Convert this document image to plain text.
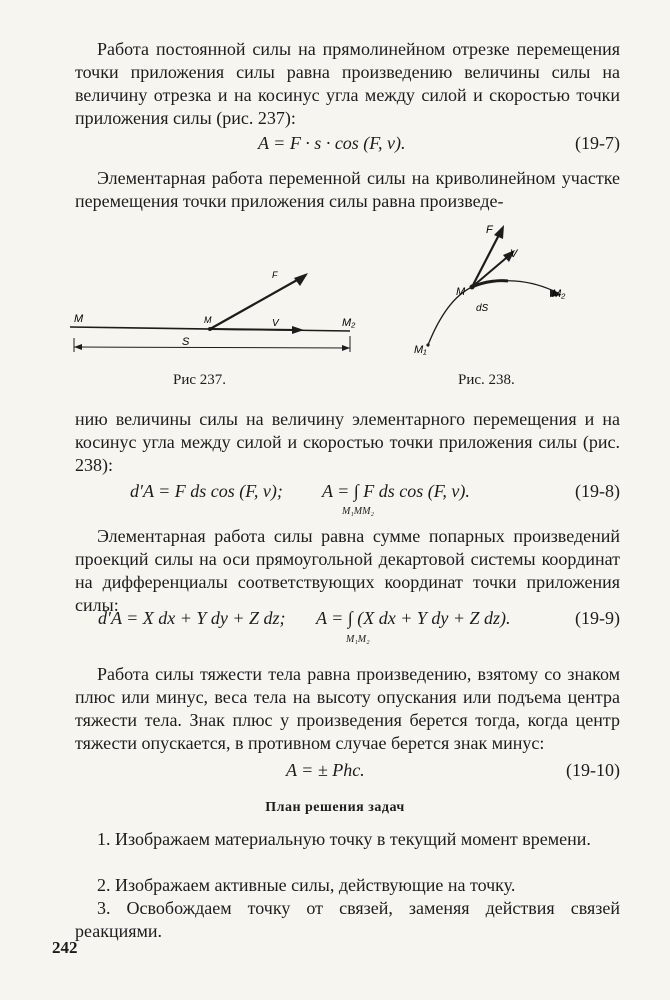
Работа постоянной силы на прямолинейном отрезке перемещения точки приложения силы равна произведению величины силы на величину отрезка и на косинус угла между силой и скоростью точки приложения силы (рис. 237):
A = F · s · cos (F, v).	(19-7)
Элементарная работа переменной силы на криволинейном участке перемещения точки приложения силы равна произведе-
M	M	M₂
F
V
S
Рис 237.
F
V
M
M₁
M₂
dS
Рис. 238.
нию величины силы на величину элементарного перемещения и на косинус угла между силой и скоростью точки приложения силы (рис. 238):
d′A = F ds cos (F, v); A = ∫ F ds cos (F, v).
M₁MM₂
(19-8)
Элементарная работа силы равна сумме попарных произведений проекций силы на оси прямоугольной декартовой системы координат на дифференциалы соответствующих координат точки приложения силы:
d′A = X dx + Y dy + Z dz; A = ∫ (X dx + Y dy + Z dz).
M₁M₂
(19-9)
Работа силы тяжести тела равна произведению, взятому со знаком плюс или минус, веса тела на высоту опускания или подъема центра тяжести тела. Знак плюс у произведения берется тогда, когда центр тяжести опускается, в противном случае берется знак минус:
A = ± Phc.	(19-10)
План решения задач
1. Изображаем материальную точку в текущий момент времени.
2. Изображаем активные силы, действующие на точку.
3. Освобождаем точку от связей, заменяя действия связей реакциями.
242
